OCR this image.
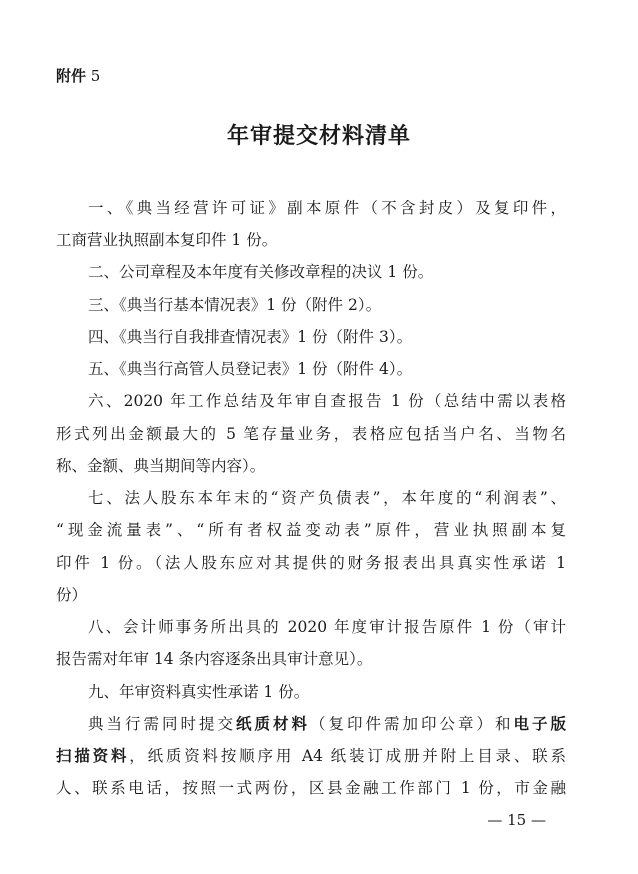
附件 5
年审提交材料清单
一、《典当经营许可证》副本原件（不含封皮）及复印件，
工商营业执照副本复印件 1 份。
二、公司章程及本年度有关修改章程的决议 1 份。
三、《典当行基本情况表》1 份（附件 2）。
四、《典当行自我排查情况表》1 份（附件 3）。
五、《典当行高管人员登记表》1 份（附件 4）。
六、2020 年工作总结及年审自查报告 1 份（总结中需以表格
形式列出金额最大的 5 笔存量业务，表格应包括当户名、当物名
称、金额、典当期间等内容）。
七、法人股东本年末的“资产负债表”，本年度的“利润表”、
“现金流量表”、“所有者权益变动表”原件，营业执照副本复
印件 1 份。（法人股东应对其提供的财务报表出具真实性承诺 1
份）
八、会计师事务所出具的 2020 年度审计报告原件 1 份（审计
报告需对年审 14 条内容逐条出具审计意见）。
九、年审资料真实性承诺 1 份。
典当行需同时提交纸质材料（复印件需加印公章）和电子版
扫描资料，纸质资料按顺序用 A4 纸装订成册并附上目录、联系
人、联系电话，按照一式两份，区县金融工作部门 1 份，市金融
— 15 —
